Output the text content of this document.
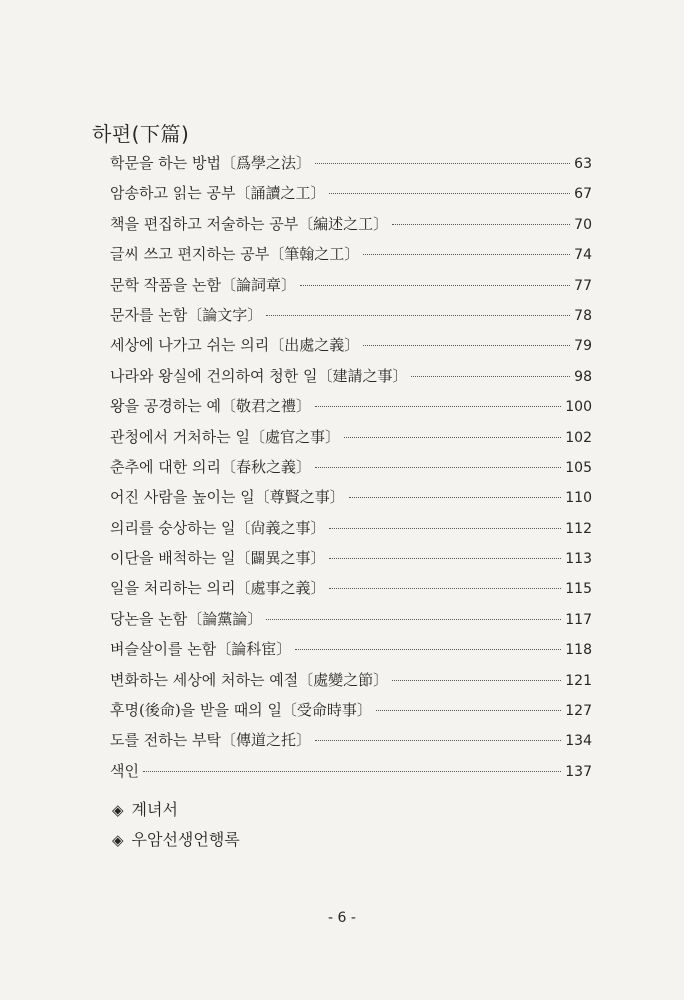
하편(下篇)
학문을 하는 방법〔爲學之法〕	63
암송하고 읽는 공부〔誦讀之工〕	67
책을 편집하고 저술하는 공부〔編述之工〕	70
글씨 쓰고 편지하는 공부〔筆翰之工〕	74
문학 작품을 논함〔論詞章〕	77
문자를 논함〔論文字〕	78
세상에 나가고 쉬는 의리〔出處之義〕	79
나라와 왕실에 건의하여 청한 일〔建請之事〕	98
왕을 공경하는 예〔敬君之禮〕	100
관청에서 거처하는 일〔處官之事〕	102
춘추에 대한 의리〔春秋之義〕	105
어진 사람을 높이는 일〔尊賢之事〕	110
의리를 숭상하는 일〔尙義之事〕	112
이단을 배척하는 일〔闢異之事〕	113
일을 처리하는 의리〔處事之義〕	115
당논을 논함〔論黨論〕	117
벼슬살이를 논함〔論科宦〕	118
변화하는 세상에 처하는 예절〔處變之節〕	121
후명(後命)을 받을 때의 일〔受命時事〕	127
도를 전하는 부탁〔傳道之托〕	134
색인	137
◈ 계녀서
◈ 우암선생언행록
- 6 -
